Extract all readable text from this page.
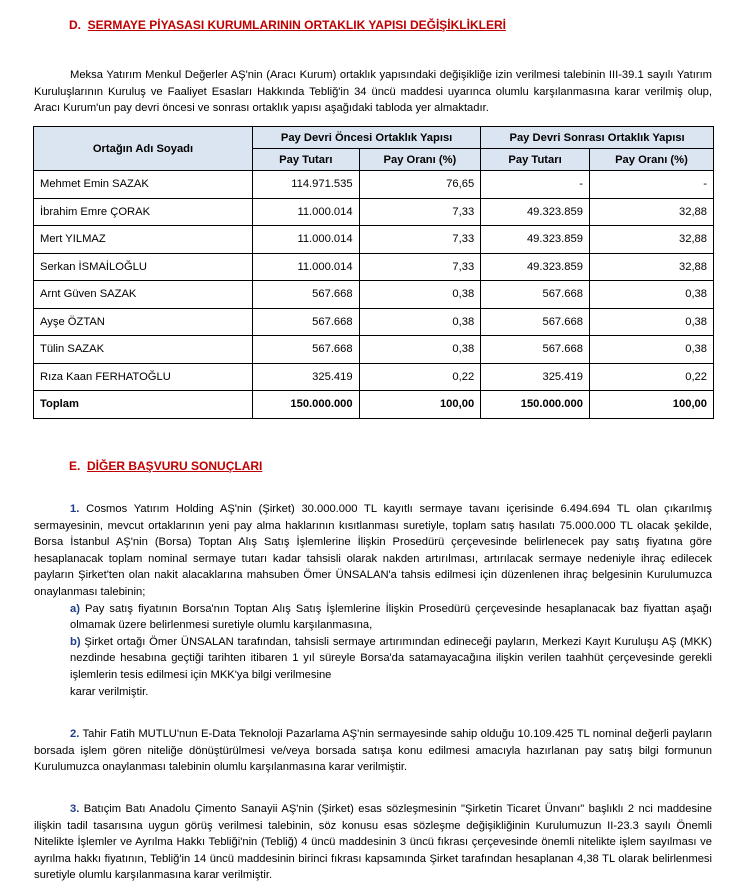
D. SERMAYE PİYASASI KURUMLARININ ORTAKLIK YAPISI DEĞİŞİKLİKLERİ
Meksa Yatırım Menkul Değerler AŞ'nin (Aracı Kurum) ortaklık yapısındaki değişikliğe izin verilmesi talebinin III-39.1 sayılı Yatırım Kuruluşlarının Kuruluş ve Faaliyet Esasları Hakkında Tebliğ'in 34 üncü maddesi uyarınca olumlu karşılanmasına karar verilmiş olup, Aracı Kurum'un pay devri öncesi ve sonrası ortaklık yapısı aşağıdaki tabloda yer almaktadır.
Ortağın Adı Soyadı	Pay Devri Öncesi Ortaklık Yapısı		Pay Devri Sonrası Ortaklık Yapısı	
	Pay Tutarı	Pay Oranı (%)	Pay Tutarı	Pay Oranı (%)
Mehmet Emin SAZAK	114.971.535	76,65	-	-
İbrahim Emre ÇORAK	11.000.014	7,33	49.323.859	32,88
Mert YILMAZ	11.000.014	7,33	49.323.859	32,88
Serkan İSMAİLOĞLU	11.000.014	7,33	49.323.859	32,88
Arnt Güven SAZAK	567.668	0,38	567.668	0,38
Ayşe ÖZTAN	567.668	0,38	567.668	0,38
Tülin SAZAK	567.668	0,38	567.668	0,38
Rıza Kaan FERHATOĞLU	325.419	0,22	325.419	0,22
Toplam	150.000.000	100,00	150.000.000	100,00
E. DİĞER BAŞVURU SONUÇLARI
1. Cosmos Yatırım Holding AŞ'nin (Şirket) 30.000.000 TL kayıtlı sermaye tavanı içerisinde 6.494.694 TL olan çıkarılmış sermayesinin, mevcut ortaklarının yeni pay alma haklarının kısıtlanması suretiyle, toplam satış hasılatı 75.000.000 TL olacak şekilde, Borsa İstanbul AŞ'nin (Borsa) Toptan Alış Satış İşlemlerine İlişkin Prosedürü çerçevesinde belirlenecek pay satış fiyatına göre hesaplanacak toplam nominal sermaye tutarı kadar tahsisli olarak nakden artırılması, artırılacak sermaye nedeniyle ihraç edilecek payların Şirket'ten olan nakit alacaklarına mahsuben Ömer ÜNSALAN'a tahsis edilmesi için düzenlenen ihraç belgesinin Kurulumuzca onaylanması talebinin;
a) Pay satış fiyatının Borsa'nın Toptan Alış Satış İşlemlerine İlişkin Prosedürü çerçevesinde hesaplanacak baz fiyattan aşağı olmamak üzere belirlenmesi suretiyle olumlu karşılanmasına,
b) Şirket ortağı Ömer ÜNSALAN tarafından, tahsisli sermaye artırımından edineceği payların, Merkezi Kayıt Kuruluşu AŞ (MKK) nezdinde hesabına geçtiği tarihten itibaren 1 yıl süreyle Borsa'da satamayacağına ilişkin verilen taahhüt çerçevesinde gerekli işlemlerin tesis edilmesi için MKK'ya bilgi verilmesine
karar verilmiştir.
2. Tahir Fatih MUTLU'nun E-Data Teknoloji Pazarlama AŞ'nin sermayesinde sahip olduğu 10.109.425 TL nominal değerli payların borsada işlem gören niteliğe dönüştürülmesi ve/veya borsada satışa konu edilmesi amacıyla hazırlanan pay satış bilgi formunun Kurulumuzca onaylanması talebinin olumlu karşılanmasına karar verilmiştir.
3. Batıçim Batı Anadolu Çimento Sanayii AŞ'nin (Şirket) esas sözleşmesinin "Şirketin Ticaret Ünvanı" başlıklı 2 nci maddesine ilişkin tadil tasarısına uygun görüş verilmesi talebinin, söz konusu esas sözleşme değişikliğinin Kurulumuzun II-23.3 sayılı Önemli Nitelikte İşlemler ve Ayrılma Hakkı Tebliği'nin (Tebliğ) 4 üncü maddesinin 3 üncü fıkrası çerçevesinde önemli nitelikte işlem sayılması ve ayrılma hakkı fiyatının, Tebliğ'in 14 üncü maddesinin birinci fıkrası kapsamında Şirket tarafından hesaplanan 4,38 TL olarak belirlenmesi suretiyle olumlu karşılanmasına karar verilmiştir.
